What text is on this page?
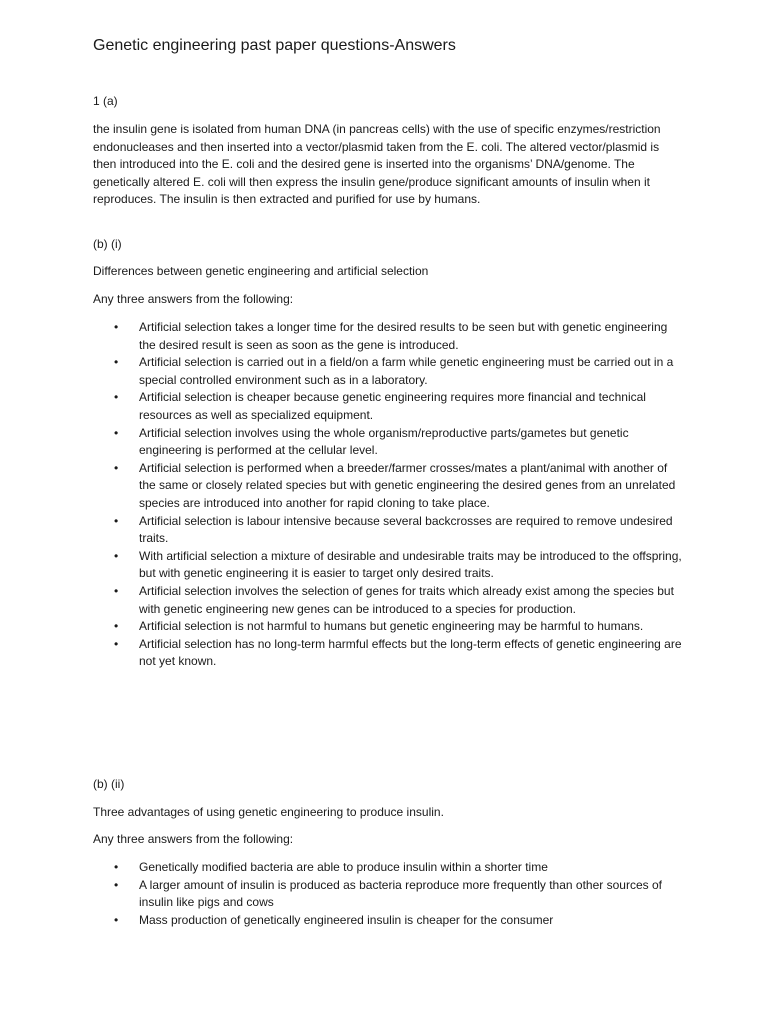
Genetic engineering past paper questions-Answers

1 (a)

the insulin gene is isolated from human DNA (in pancreas cells) with the use of specific enzymes/restriction endonucleases and then inserted into a vector/plasmid taken from the E. coli. The altered vector/plasmid is then introduced into the E. coli and the desired gene is inserted into the organisms’ DNA/genome. The genetically altered E. coli will then express the insulin gene/produce significant amounts of insulin when it reproduces. The insulin is then extracted and purified for use by humans.

(b) (i)

Differences between genetic engineering and artificial selection

Any three answers from the following:

• Artificial selection takes a longer time for the desired results to be seen but with genetic engineering the desired result is seen as soon as the gene is introduced.
• Artificial selection is carried out in a field/on a farm while genetic engineering must be carried out in a special controlled environment such as in a laboratory.
• Artificial selection is cheaper because genetic engineering requires more financial and technical resources as well as specialized equipment.
• Artificial selection involves using the whole organism/reproductive parts/gametes but genetic engineering is performed at the cellular level.
• Artificial selection is performed when a breeder/farmer crosses/mates a plant/animal with another of the same or closely related species but with genetic engineering the desired genes from an unrelated species are introduced into another for rapid cloning to take place.
• Artificial selection is labour intensive because several backcrosses are required to remove undesired traits.
• With artificial selection a mixture of desirable and undesirable traits may be introduced to the offspring, but with genetic engineering it is easier to target only desired traits.
• Artificial selection involves the selection of genes for traits which already exist among the species but with genetic engineering new genes can be introduced to a species for production.
• Artificial selection is not harmful to humans but genetic engineering may be harmful to humans.
• Artificial selection has no long-term harmful effects but the long-term effects of genetic engineering are not yet known.

(b) (ii)

Three advantages of using genetic engineering to produce insulin.

Any three answers from the following:

• Genetically modified bacteria are able to produce insulin within a shorter time
• A larger amount of insulin is produced as bacteria reproduce more frequently than other sources of insulin like pigs and cows
• Mass production of genetically engineered insulin is cheaper for the consumer
